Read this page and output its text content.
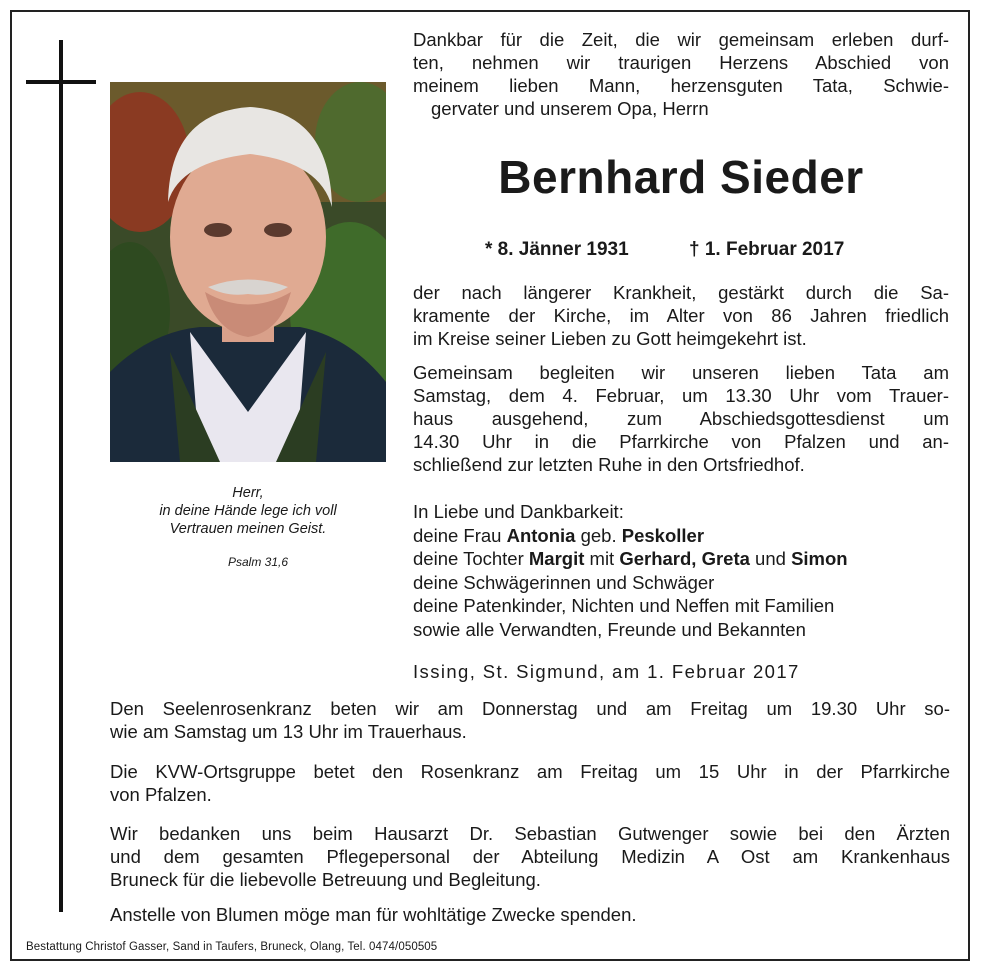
Herr,
in deine Hände lege ich voll
Vertrauen meinen Geist.
Psalm 31,6
Dankbar für die Zeit, die wir gemeinsam erleben durf-
ten, nehmen wir traurigen Herzens Abschied von
meinem lieben Mann, herzensguten Tata, Schwie-
gervater und unserem Opa, Herrn
Bernhard Sieder
* 8. Jänner 1931	† 1. Februar 2017
der nach längerer Krankheit, gestärkt durch die Sa-
kramente der Kirche, im Alter von 86 Jahren friedlich
im Kreise seiner Lieben zu Gott heimgekehrt ist.
Gemeinsam begleiten wir unseren lieben Tata am
Samstag, dem 4. Februar, um 13.30 Uhr vom Trauer-
haus ausgehend, zum Abschiedsgottesdienst um
14.30 Uhr in die Pfarrkirche von Pfalzen und an-
schließend zur letzten Ruhe in den Ortsfriedhof.
In Liebe und Dankbarkeit:
deine Frau Antonia geb. Peskoller
deine Tochter Margit mit Gerhard, Greta und Simon
deine Schwägerinnen und Schwäger
deine Patenkinder, Nichten und Neffen mit Familien
sowie alle Verwandten, Freunde und Bekannten
Issing, St. Sigmund, am 1. Februar 2017
Den Seelenrosenkranz beten wir am Donnerstag und am Freitag um 19.30 Uhr so-
wie am Samstag um 13 Uhr im Trauerhaus.
Die KVW-Ortsgruppe betet den Rosenkranz am Freitag um 15 Uhr in der Pfarrkirche
von Pfalzen.
Wir bedanken uns beim Hausarzt Dr. Sebastian Gutwenger sowie bei den Ärzten
und dem gesamten Pflegepersonal der Abteilung Medizin A Ost am Krankenhaus
Bruneck für die liebevolle Betreuung und Begleitung.
Anstelle von Blumen möge man für wohltätige Zwecke spenden.
Bestattung Christof Gasser, Sand in Taufers, Bruneck, Olang, Tel. 0474/050505
